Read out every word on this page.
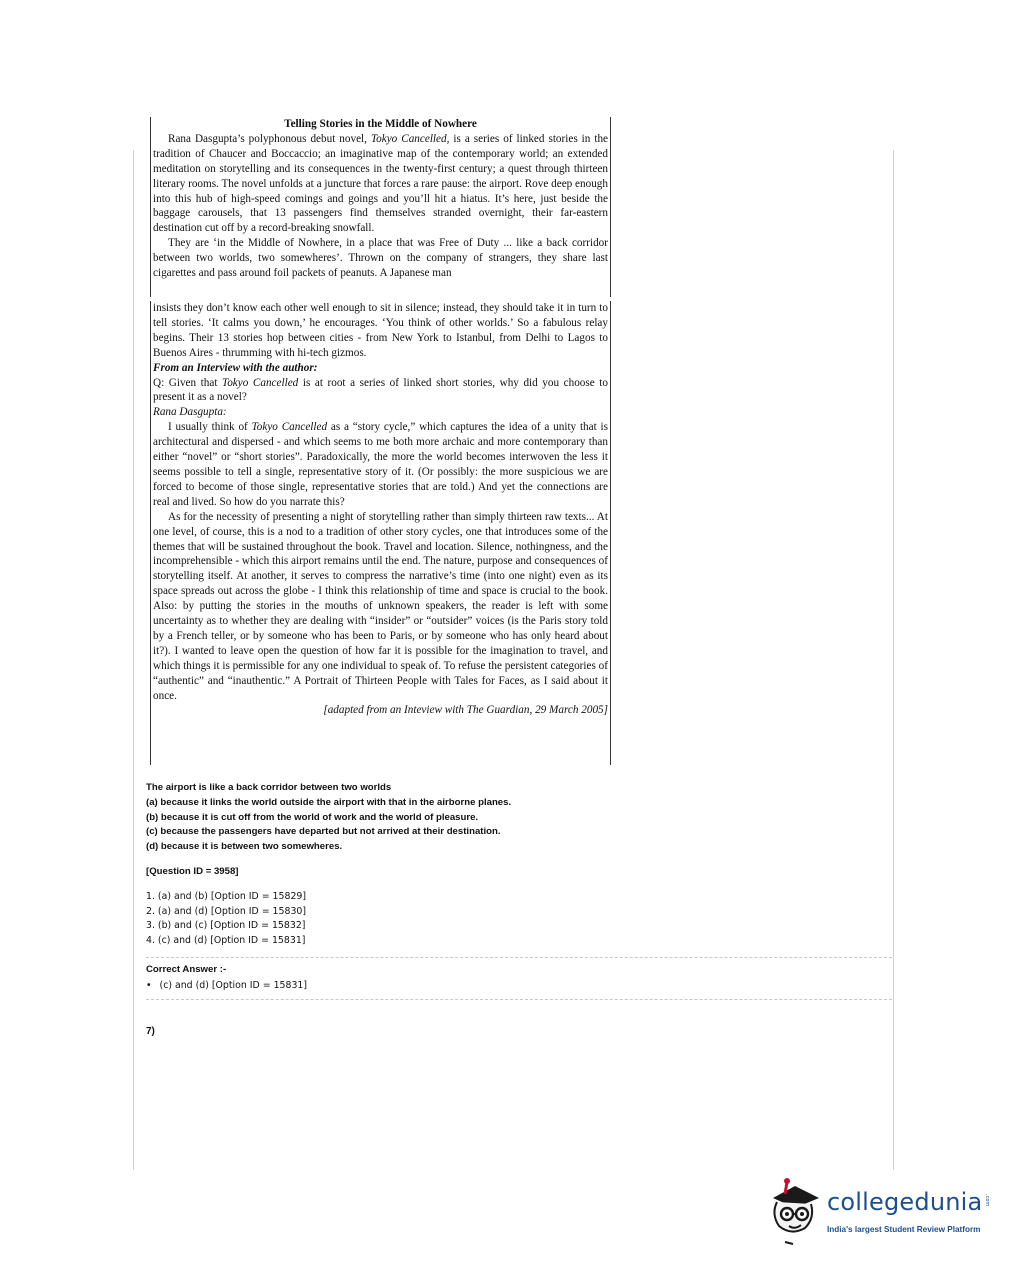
Telling Stories in the Middle of Nowhere

Rana Dasgupta’s polyphonous debut novel, Tokyo Cancelled, is a series of linked stories in the tradition of Chaucer and Boccaccio; an imaginative map of the contemporary world; an extended meditation on storytelling and its consequences in the twenty-first century; a quest through thirteen literary rooms. The novel unfolds at a juncture that forces a rare pause: the airport. Rove deep enough into this hub of high-speed comings and goings and you’ll hit a hiatus. It’s here, just beside the baggage carousels, that 13 passengers find themselves stranded overnight, their far-eastern destination cut off by a record-breaking snowfall.

They are ‘in the Middle of Nowhere, in a place that was Free of Duty ... like a back corridor between two worlds, two somewheres’. Thrown on the company of strangers, they share last cigarettes and pass around foil packets of peanuts. A Japanese man

insists they don’t know each other well enough to sit in silence; instead, they should take it in turn to tell stories. ‘It calms you down,’ he encourages. ‘You think of other worlds.’ So a fabulous relay begins. Their 13 stories hop between cities - from New York to Istanbul, from Delhi to Lagos to Buenos Aires - thrumming with hi-tech gizmos.

From an Interview with the author:

Q: Given that Tokyo Cancelled is at root a series of linked short stories, why did you choose to present it as a novel?

Rana Dasgupta:

I usually think of Tokyo Cancelled as a “story cycle,” which captures the idea of a unity that is architectural and dispersed - and which seems to me both more archaic and more contemporary than either “novel” or “short stories”. Paradoxically, the more the world becomes interwoven the less it seems possible to tell a single, representative story of it. (Or possibly: the more suspicious we are forced to become of those single, representative stories that are told.) And yet the connections are real and lived. So how do you narrate this?

As for the necessity of presenting a night of storytelling rather than simply thirteen raw texts... At one level, of course, this is a nod to a tradition of other story cycles, one that introduces some of the themes that will be sustained throughout the book. Travel and location. Silence, nothingness, and the incomprehensible - which this airport remains until the end. The nature, purpose and consequences of storytelling itself. At another, it serves to compress the narrative’s time (into one night) even as its space spreads out across the globe - I think this relationship of time and space is crucial to the book. Also: by putting the stories in the mouths of unknown speakers, the reader is left with some uncertainty as to whether they are dealing with “insider” or “outsider” voices (is the Paris story told by a French teller, or by someone who has been to Paris, or by someone who has only heard about it?). I wanted to leave open the question of how far it is possible for the imagination to travel, and which things it is permissible for any one individual to speak of. To refuse the persistent categories of “authentic” and “inauthentic.” A Portrait of Thirteen People with Tales for Faces, as I said about it once.

[adapted from an Inteview with The Guardian, 29 March 2005]

The airport is like a back corridor between two worlds
(a) because it links the world outside the airport with that in the airborne planes.
(b) because it is cut off from the world of work and the world of pleasure.
(c) because the passengers have departed but not arrived at their destination.
(d) because it is between two somewheres.
[Question ID = 3958]
1. (a) and (b) [Option ID = 15829]
2. (a) and (d) [Option ID = 15830]
3. (b) and (c) [Option ID = 15832]
4. (c) and (d) [Option ID = 15831]
Correct Answer :-
• (c) and (d) [Option ID = 15831]
7)
collegedunia .com
India's largest Student Review Platform
